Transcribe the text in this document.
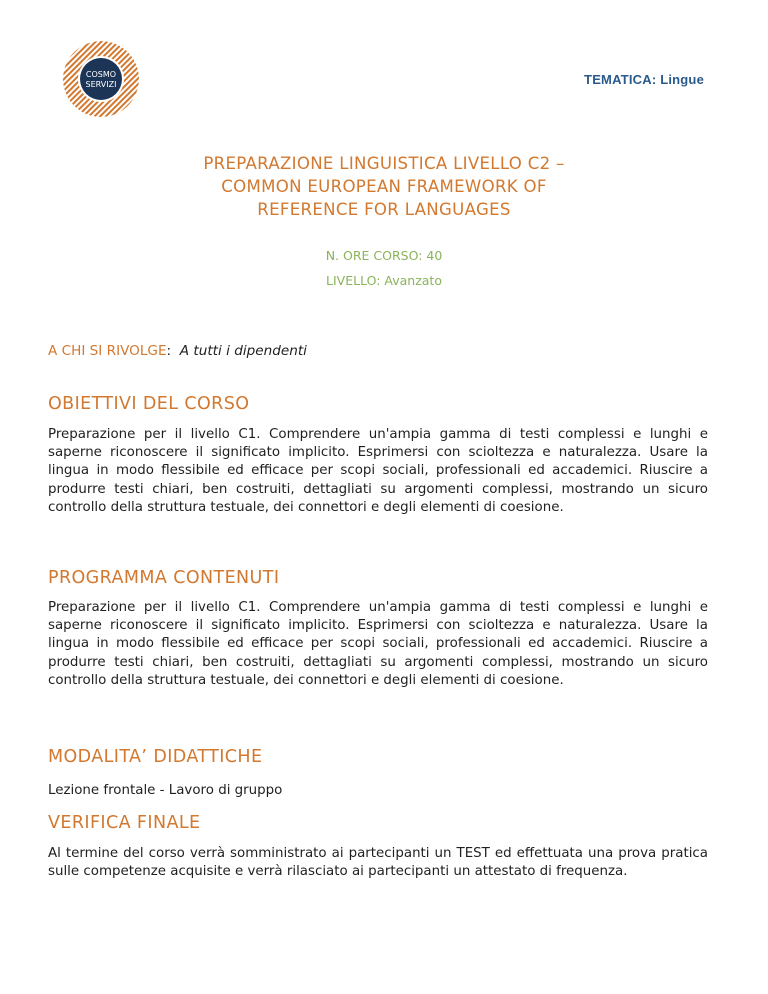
COSMO
SERVIZI	TEMATICA: Lingue
PREPARAZIONE LINGUISTICA LIVELLO C2 –
COMMON EUROPEAN FRAMEWORK OF
REFERENCE FOR LANGUAGES
N. ORE CORSO: 40
LIVELLO: Avanzato
A CHI SI RIVOLGE:  A tutti i dipendenti
OBIETTIVI DEL CORSO

Preparazione per il livello C1. Comprendere un'ampia gamma di testi complessi e lunghi e saperne riconoscere il significato implicito. Esprimersi con scioltezza e naturalezza. Usare la lingua in modo flessibile ed efficace per scopi sociali, professionali ed accademici. Riuscire a produrre testi chiari, ben costruiti, dettagliati su argomenti complessi, mostrando un sicuro controllo della struttura testuale, dei connettori e degli elementi di coesione.

PROGRAMMA CONTENUTI

Preparazione per il livello C1. Comprendere un'ampia gamma di testi complessi e lunghi e saperne riconoscere il significato implicito. Esprimersi con scioltezza e naturalezza. Usare la lingua in modo flessibile ed efficace per scopi sociali, professionali ed accademici. Riuscire a produrre testi chiari, ben costruiti, dettagliati su argomenti complessi, mostrando un sicuro controllo della struttura testuale, dei connettori e degli elementi di coesione.

MODALITA’ DIDATTICHE

Lezione frontale - Lavoro di gruppo

VERIFICA FINALE

Al termine del corso verrà somministrato ai partecipanti un TEST ed effettuata una prova pratica sulle competenze acquisite e verrà rilasciato ai partecipanti un attestato di frequenza.
